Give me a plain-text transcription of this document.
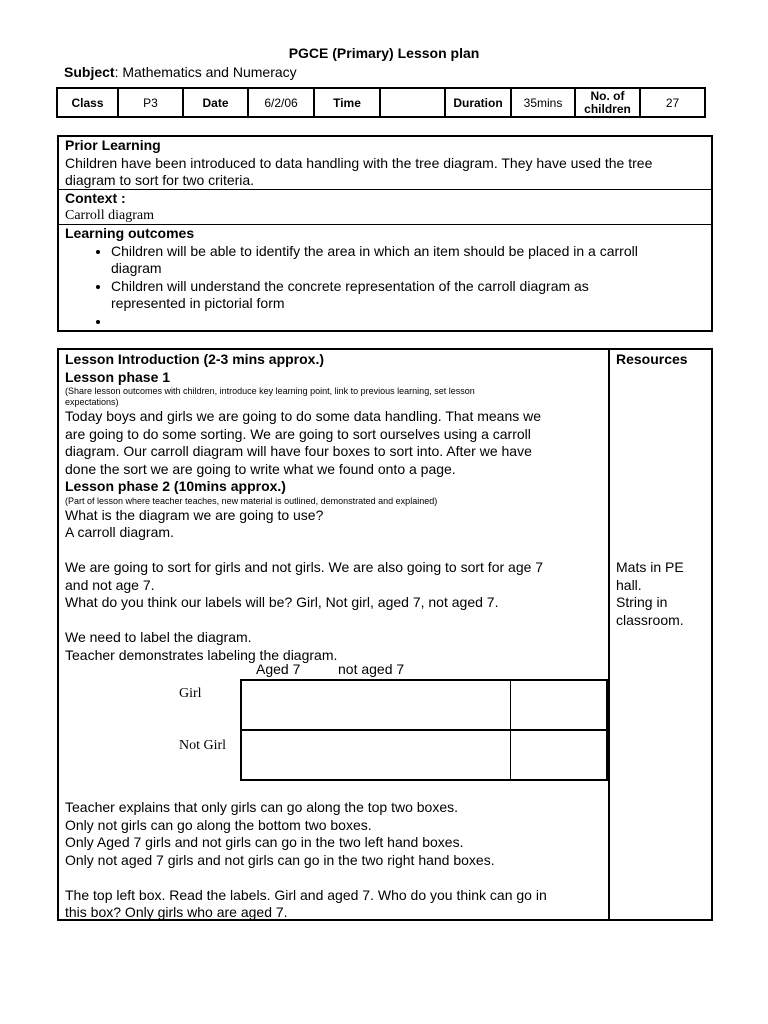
PGCE (Primary) Lesson plan
Subject: Mathematics and Numeracy
Class	P3	Date	6/2/06	Time		Duration	35mins	No. of
children	27
Prior Learning
Children have been introduced to data handling with the tree diagram. They have used the tree
diagram to sort for two criteria.
Context :
Carroll diagram
Learning outcomes
• Children will be able to identify the area in which an item should be placed in a carroll
diagram
• Children will understand the concrete representation of the carroll diagram as
represented in pictorial form
•
Lesson Introduction (2-3 mins approx.)
Lesson phase 1
(Share lesson outcomes with children, introduce key learning point, link to previous learning, set lesson
expectations)
Today boys and girls we are going to do some data handling. That means we
are going to do some sorting. We are going to sort ourselves using a carroll
diagram. Our carroll diagram will have four boxes to sort into. After we have
done the sort we are going to write what we found onto a page.
Lesson phase 2 (10mins approx.)
(Part of lesson where teacher teaches, new material is outlined, demonstrated and explained)
What is the diagram we are going to use?
A carroll diagram.
We are going to sort for girls and not girls. We are also going to sort for age 7
and not age 7.
What do you think our labels will be? Girl, Not girl, aged 7, not aged 7.
We need to label the diagram.
Teacher demonstrates labeling the diagram.
Resources
Mats in PE
hall.
String in
classroom.
Teacher explains that only girls can go along the top two boxes.
Only not girls can go along the bottom two boxes.
Only Aged 7 girls and not girls can go in the two left hand boxes.
Only not aged 7 girls and not girls can go in the two right hand boxes.
The top left box. Read the labels. Girl and aged 7. Who do you think can go in
this box? Only girls who are aged 7.
Aged 7	not aged 7
Girl
Not Girl
